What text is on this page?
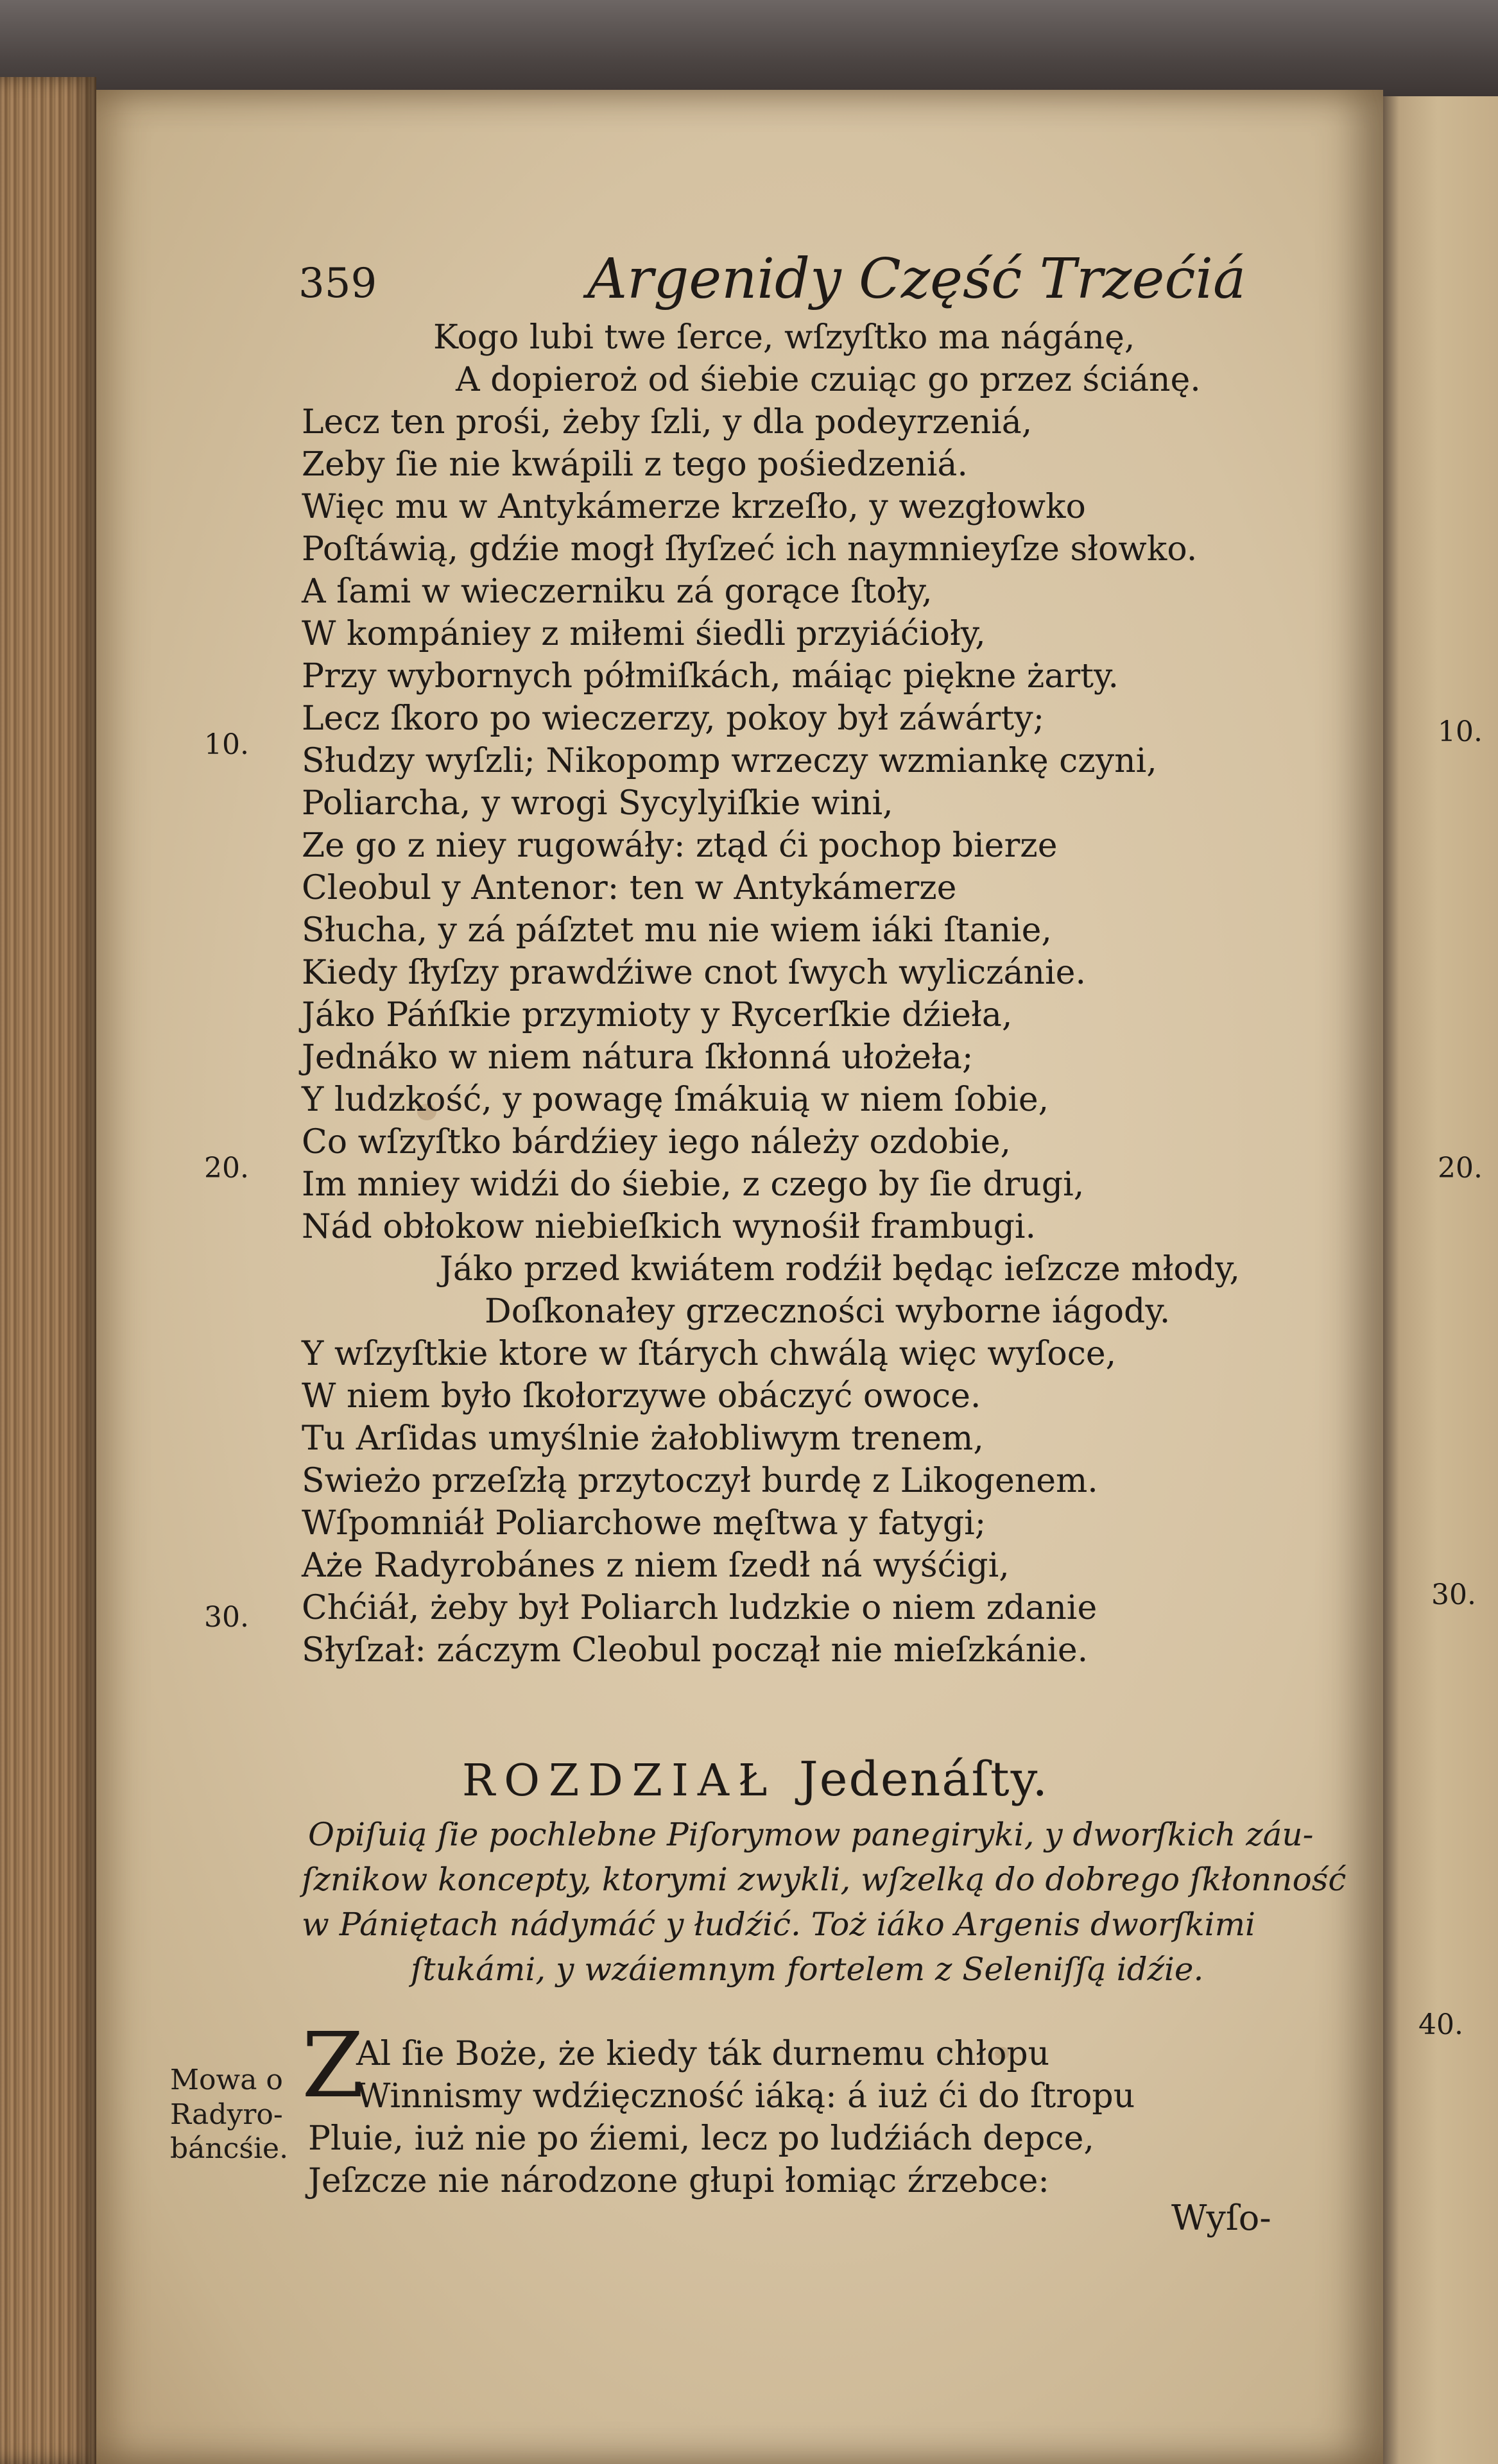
359	Argenidy Część Trzećiá
Kogo lubi twe ſerce, wſzyſtko ma nágánę,
A dopieroż od śiebie czuiąc go przez ściánę.
Lecz ten prośi, żeby ſzli, y dla podeyrzeniá,
Zeby ſie nie kwápili z tego pośiedzeniá.
Więc mu w Antykámerze krzeſło, y wezgłowko
Poſtáwią, gdźie mogł ſłyſzeć ich naymnieyſze słowko.
A ſami w wieczerniku zá gorące ſtoły,
W kompániey z miłemi śiedli przyiáćioły,
Przy wybornych półmiſkách, máiąc piękne żarty.
Lecz ſkoro po wieczerzy, pokoy był záwárty;
Słudzy wyſzli; Nikopomp wrzeczy wzmiankę czyni,
Poliarcha, y wrogi Sycylyiſkie wini,
Ze go z niey rugowáły: ztąd ći pochop bierze
Cleobul y Antenor: ten w Antykámerze
Słucha, y zá páſztet mu nie wiem iáki ſtanie,
Kiedy ſłyſzy prawdźiwe cnot ſwych wyliczánie.
Jáko Páńſkie przymioty y Rycerſkie dźieła,
Jednáko w niem nátura ſkłonná ułożeła;
Y ludzkość, y powagę ſmákuią w niem ſobie,
Co wſzyſtko bárdźiey iego náleży ozdobie,
Im mniey widźi do śiebie, z czego by ſie drugi,
Nád obłokow niebieſkich wynośił frambugi.
Jáko przed kwiátem rodźił będąc ieſzcze młody,
Doſkonałey grzeczności wyborne iágody.
Y wſzyſtkie ktore w ſtárych chwálą więc wyſoce,
W niem było ſkołorzywe obáczyć owoce.
Tu Arſidas umyślnie żałobliwym trenem,
Swieżo przeſzłą przytoczył burdę z Likogenem.
Wſpomniáł Poliarchowe męſtwa y fatygi;
Ażе Radyrobánes z niem ſzedł ná wyśćigi,
Chćiáł, żeby był Poliarch ludzkie o niem zdanie
Słyſzał: záczym Cleobul począł nie mieſzkánie.
10.
20.
30.
10.
20.
30.
40.
ROZDZIAŁ Jedenáſty.
Opiſuią ſie pochlebne Piſorymow panegiryki, y dworſkich záu-
ſznikow koncepty, ktorymi zwykli, wſzelką do dobrego ſkłonność
w Pániętach nádymáć y łudźić. Toż iáko Argenis dworſkimi
ſtukámi, y wzáiemnym fortelem z Seleniſſą idźie.
Mowa o
Radyro-
báncśie.
Z
Al ſie Boże, że kiedy ták durnemu chłopu
Winnismy wdźięczność iáką: á iuż ći do ſtropu
Pluie, iuż nie po źiemi, lecz po ludźiách depce,
Jeſzcze nie národzone głupi łomiąc źrzebce:
Wyſo-
